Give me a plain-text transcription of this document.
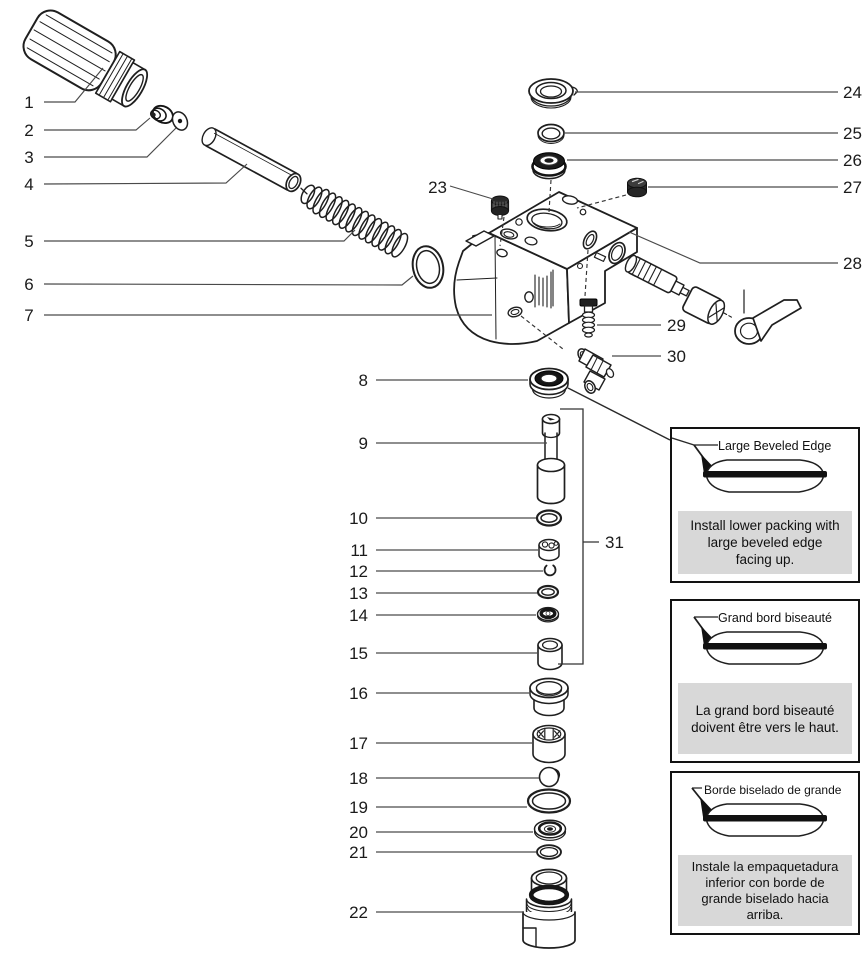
1
2
3
4
5
6
7
8
9
10
11
12
13
14
15
16
17
18
19
20
21
22
23
24
25
26
27
28
29
30
31
Large Beveled Edge
Install lower packing with large beveled edge facing up.
Grand bord biseauté
La grand bord biseauté doivent être vers le haut.
Borde biselado de grande
Instale la empaquetadura inferior con borde de grande biselado hacia arriba.
